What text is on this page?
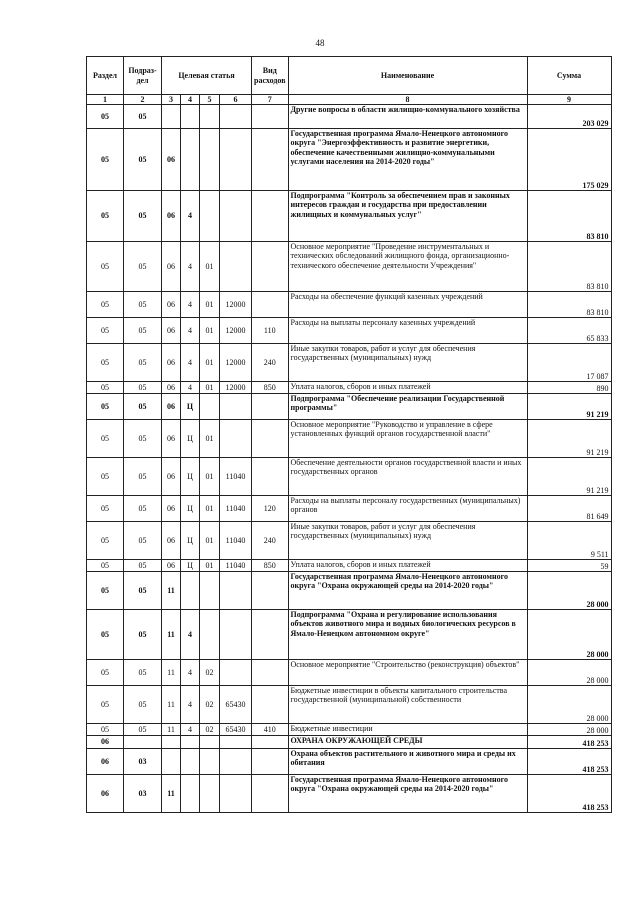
48
Раздел	Подраз-дел	Целевая статья				Вид расходов	Наименование	Сумма
1	2	3	4	5	6	7	8	9
05	05						Другие вопросы в области жилищно-коммунального хозяйства	203 029
05	05	06					Государственная программа Ямало-Ненецкого автономного округа "Энергоэффективность и развитие энергетики, обеспечение качественными жилищно-коммунальными услугами населения на 2014-2020 годы"	175 029
05	05	06	4				Подпрограмма "Контроль за обеспечением прав и законных интересов граждан и государства при предоставлении жилищных и коммунальных услуг"	83 810
05	05	06	4	01			Основное мероприятие "Проведение инструментальных и технических обследований жилищного фонда, организационно-технического обеспечение деятельности Учреждения"	83 810
05	05	06	4	01	12000		Расходы на обеспечение функций казенных учреждений	83 810
05	05	06	4	01	12000	110	Расходы на выплаты персоналу казенных учреждений	65 833
05	05	06	4	01	12000	240	Иные закупки товаров, работ и услуг для обеспечения государственных (муниципальных) нужд	17 087
05	05	06	4	01	12000	850	Уплата налогов, сборов и иных платежей	890
05	05	06	Ц				Подпрограмма "Обеспечение реализации Государственной программы"	91 219
05	05	06	Ц	01			Основное мероприятие "Руководство и управление в сфере установленных функций органов государственной власти"	91 219
05	05	06	Ц	01	11040		Обеспечение деятельности органов государственной власти и иных государственных органов	91 219
05	05	06	Ц	01	11040	120	Расходы на выплаты персоналу государственных (муниципальных) органов	81 649
05	05	06	Ц	01	11040	240	Иные закупки товаров, работ и услуг для обеспечения государственных (муниципальных) нужд	9 511
05	05	06	Ц	01	11040	850	Уплата налогов, сборов и иных платежей	59
05	05	11					Государственная программа Ямало-Ненецкого автономного округа "Охрана окружающей среды на 2014-2020 годы"	28 000
05	05	11	4				Подпрограмма "Охрана и регулирование использования объектов животного мира и водных биологических ресурсов в Ямало-Ненецком автономном округе"	28 000
05	05	11	4	02			Основное мероприятие "Строительство (реконструкция) объектов"	28 000
05	05	11	4	02	65430		Бюджетные инвестиции в объекты капитального строительства государственной (муниципальной) собственности	28 000
05	05	11	4	02	65430	410	Бюджетные инвестиции	28 000
06							ОХРАНА ОКРУЖАЮЩЕЙ СРЕДЫ	418 253
06	03						Охрана объектов растительного и животного мира и среды их обитания	418 253
06	03	11					Государственная программа Ямало-Ненецкого автономного округа "Охрана окружающей среды на 2014-2020 годы"	418 253
